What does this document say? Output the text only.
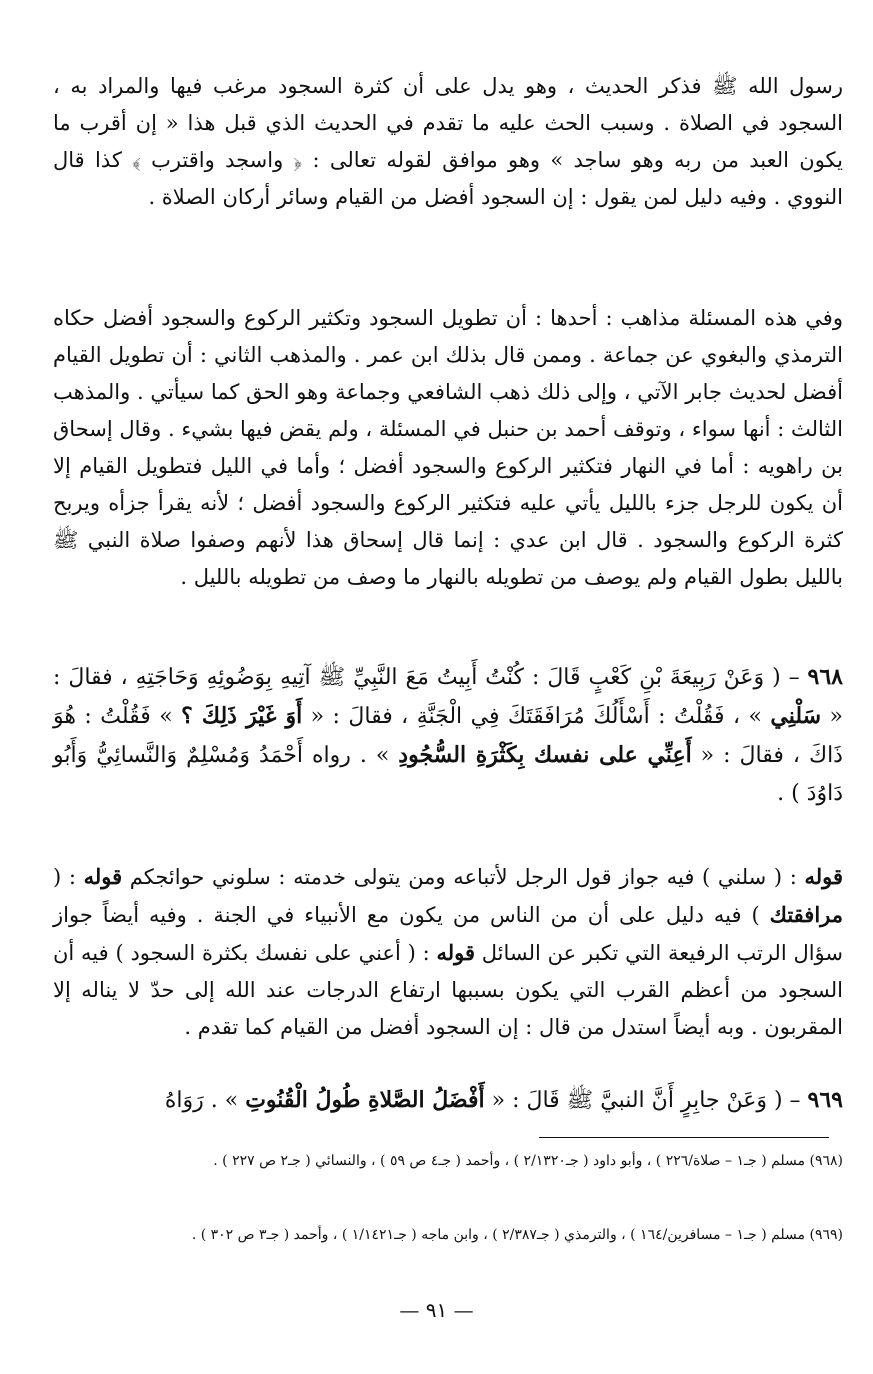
رسول الله ﷺ فذكر الحديث ، وهو يدل على أن كثرة السجود مرغب فيها والمراد به ، السجود في الصلاة . وسبب الحث عليه ما تقدم في الحديث الذي قبل هذا « إن أقرب ما يكون العبد من ربه وهو ساجد » وهو موافق لقوله تعالى : ﴿ واسجد واقترب ﴾ كذا قال النووي . وفيه دليل لمن يقول : إن السجود أفضل من القيام وسائر أركان الصلاة .

وفي هذه المسئلة مذاهب : أحدها : أن تطويل السجود وتكثير الركوع والسجود أفضل حكاه الترمذي والبغوي عن جماعة . وممن قال بذلك ابن عمر . والمذهب الثاني : أن تطويل القيام أفضل لحديث جابر الآتي ، وإلى ذلك ذهب الشافعي وجماعة وهو الحق كما سيأتي . والمذهب الثالث : أنها سواء ، وتوقف أحمد بن حنبل في المسئلة ، ولم يقض فيها بشيء . وقال إسحاق بن راهويه : أما في النهار فتكثير الركوع والسجود أفضل ؛ وأما في الليل فتطويل القيام إلا أن يكون للرجل جزء بالليل يأتي عليه فتكثير الركوع والسجود أفضل ؛ لأنه يقرأ جزأه ويربح كثرة الركوع والسجود . قال ابن عدي : إنما قال إسحاق هذا لأنهم وصفوا صلاة النبي ﷺ بالليل بطول القيام ولم يوصف من تطويله بالنهار ما وصف من تطويله بالليل .

٩٦٨ – ( وَعَنْ رَبِيعَةَ بْنِ كَعْبٍ قَالَ : كُنْتُ أَبِيتُ مَعَ النَّبِيِّ ﷺ آتِيهِ بِوَضُوئِهِ وَحَاجَتِهِ ، فقالَ : « سَلْنِي » ، فَقُلْتُ : أَسْأَلُكَ مُرَافَقَتَكَ فِي الْجَنَّةِ ، فقالَ : « أَوَ غَيْرَ ذَلِكَ ؟ » فَقُلْتُ : هُوَ ذَاكَ ، فقالَ : « أَعِنِّي على نفسك بِكَثْرَةِ السُّجُودِ » . رواه أَحْمَدُ وَمُسْلِمٌ وَالنَّسائِيُّ وَأَبُو دَاوُدَ ) .

قوله : ( سلني ) فيه جواز قول الرجل لأتباعه ومن يتولى خدمته : سلوني حوائجكم قوله : ( مرافقتك ) فيه دليل على أن من الناس من يكون مع الأنبياء في الجنة . وفيه أيضاً جواز سؤال الرتب الرفيعة التي تكبر عن السائل قوله : ( أعني على نفسك بكثرة السجود ) فيه أن السجود من أعظم القرب التي يكون بسببها ارتفاع الدرجات عند الله إلى حدّ لا يناله إلا المقربون . وبه أيضاً استدل من قال : إن السجود أفضل من القيام كما تقدم .

٩٦٩ – ( وَعَنْ جابِرٍ أَنَّ النبيَّ ﷺ قَالَ : « أَفْضَلُ الصَّلاةِ طُولُ الْقُنُوتِ » . رَوَاهُ

(٩٦٨) مسلم ( جـ١ – صلاة/٢٢٦ ) ، وأبو داود ( جـ٢/١٣٢٠ ) ، وأحمد ( جـ٤ ص ٥٩ ) ، والنسائي ( جـ٢ ص ٢٢٧ ) .

(٩٦٩) مسلم ( جـ١ – مسافرين/١٦٤ ) ، والترمذي ( جـ٢/٣٨٧ ) ، وابن ماجه ( جـ١/١٤٢١ ) ، وأحمد ( جـ٣ ص ٣٠٢ ) .

— ٩١ —
